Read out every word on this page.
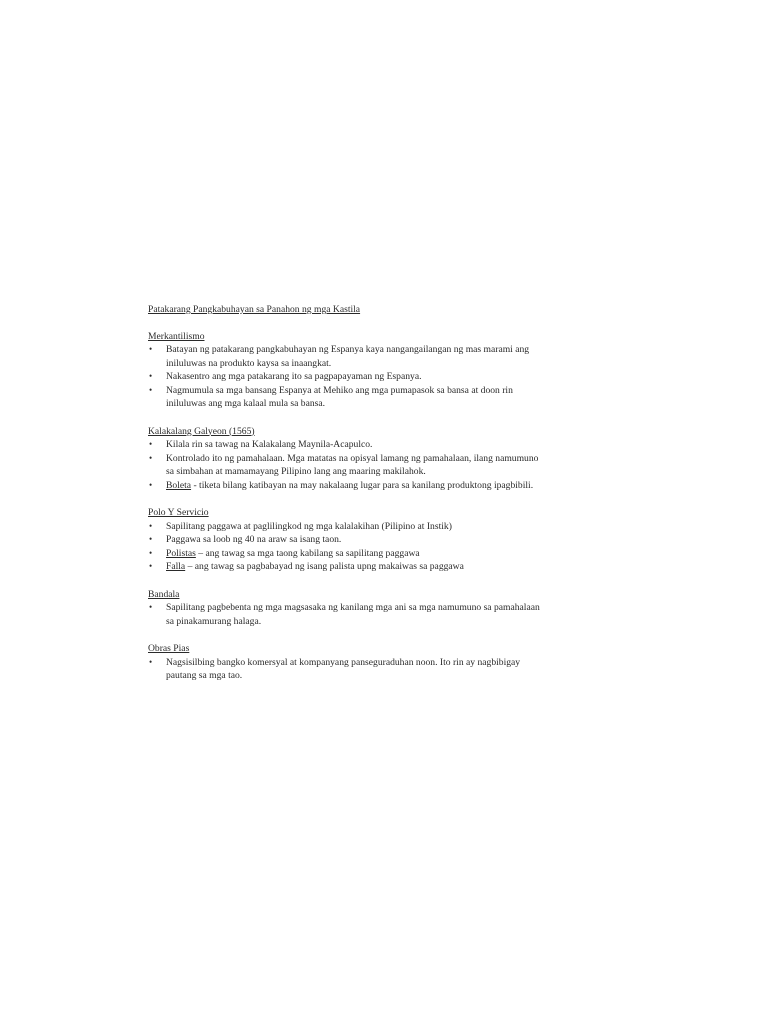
Patakarang Pangkabuhayan sa Panahon ng mga Kastila
Merkantilismo
• Batayan ng patakarang pangkabuhayan ng Espanya kaya nangangailangan ng mas marami ang iniluluwas na produkto kaysa sa inaangkat.
• Nakasentro ang mga patakarang ito sa pagpapayaman ng Espanya.
• Nagmumula sa mga bansang Espanya at Mehiko ang mga pumapasok sa bansa at doon rin iniluluwas ang mga kalaal mula sa bansa.
Kalakalang Galyeon (1565)
• Kilala rin sa tawag na Kalakalang Maynila-Acapulco.
• Kontrolado ito ng pamahalaan. Mga matatas na opisyal lamang ng pamahalaan, ilang namumuno sa simbahan at mamamayang Pilipino lang ang maaring makilahok.
• Boleta - tiketa bilang katibayan na may nakalaang lugar para sa kanilang produktong ipagbibili.
Polo Y Servicio
• Sapilitang paggawa at paglilingkod ng mga kalalakihan (Pilipino at Instik)
• Paggawa sa loob ng 40 na araw sa isang taon.
• Polistas – ang tawag sa mga taong kabilang sa sapilitang paggawa
• Falla – ang tawag sa pagbabayad ng isang palista upng makaiwas sa paggawa
Bandala
• Sapilitang pagbebenta ng mga magsasaka ng kanilang mga ani sa mga namumuno sa pamahalaan sa pinakamurang halaga.
Obras Pias
• Nagsisilbing bangko komersyal at kompanyang panseguraduhan noon. Ito rin ay nagbibigay pautang sa mga tao.
